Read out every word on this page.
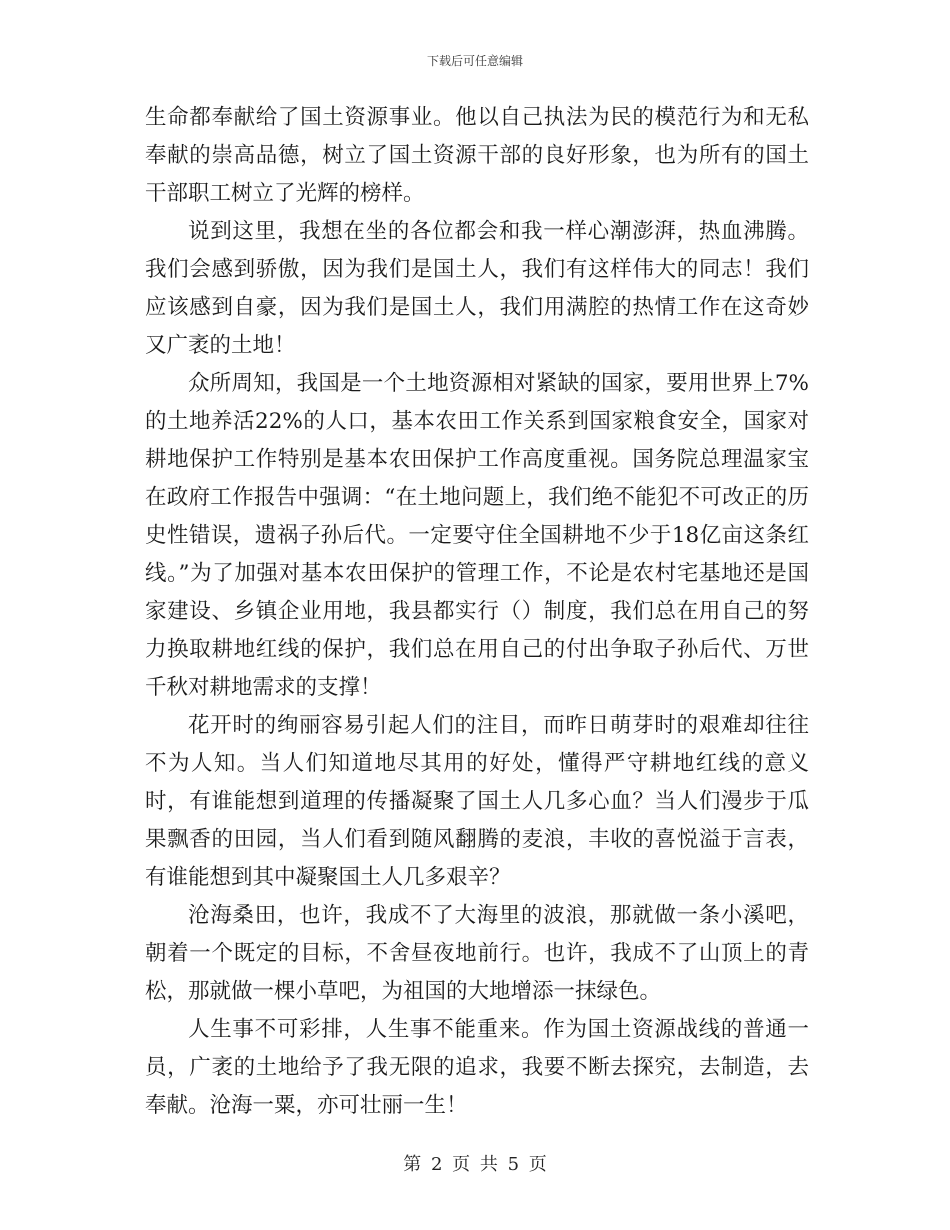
下载后可任意编辑

生命都奉献给了国土资源事业。他以自己执法为民的模范行为和无私奉献的崇高品德，树立了国土资源干部的良好形象，也为所有的国土干部职工树立了光辉的榜样。

说到这里，我想在坐的各位都会和我一样心潮澎湃，热血沸腾。我们会感到骄傲，因为我们是国土人，我们有这样伟大的同志！我们应该感到自豪，因为我们是国土人，我们用满腔的热情工作在这奇妙又广袤的土地！

众所周知，我国是一个土地资源相对紧缺的国家，要用世界上7%的土地养活22%的人口，基本农田工作关系到国家粮食安全，国家对耕地保护工作特别是基本农田保护工作高度重视。国务院总理温家宝在政府工作报告中强调：“在土地问题上，我们绝不能犯不可改正的历史性错误，遗祸子孙后代。一定要守住全国耕地不少于18亿亩这条红线。”为了加强对基本农田保护的管理工作，不论是农村宅基地还是国家建设、乡镇企业用地，我县都实行（）制度，我们总在用自己的努力换取耕地红线的保护，我们总在用自己的付出争取子孙后代、万世千秋对耕地需求的支撑！

花开时的绚丽容易引起人们的注目，而昨日萌芽时的艰难却往往不为人知。当人们知道地尽其用的好处，懂得严守耕地红线的意义时，有谁能想到道理的传播凝聚了国土人几多心血？当人们漫步于瓜果飘香的田园，当人们看到随风翻腾的麦浪，丰收的喜悦溢于言表，有谁能想到其中凝聚国土人几多艰辛？

沧海桑田，也许，我成不了大海里的波浪，那就做一条小溪吧，朝着一个既定的目标，不舍昼夜地前行。也许，我成不了山顶上的青松，那就做一棵小草吧，为祖国的大地增添一抹绿色。

人生事不可彩排，人生事不能重来。作为国土资源战线的普通一员，广袤的土地给予了我无限的追求，我要不断去探究，去制造，去奉献。沧海一粟，亦可壮丽一生！

第 2 页 共 5 页
